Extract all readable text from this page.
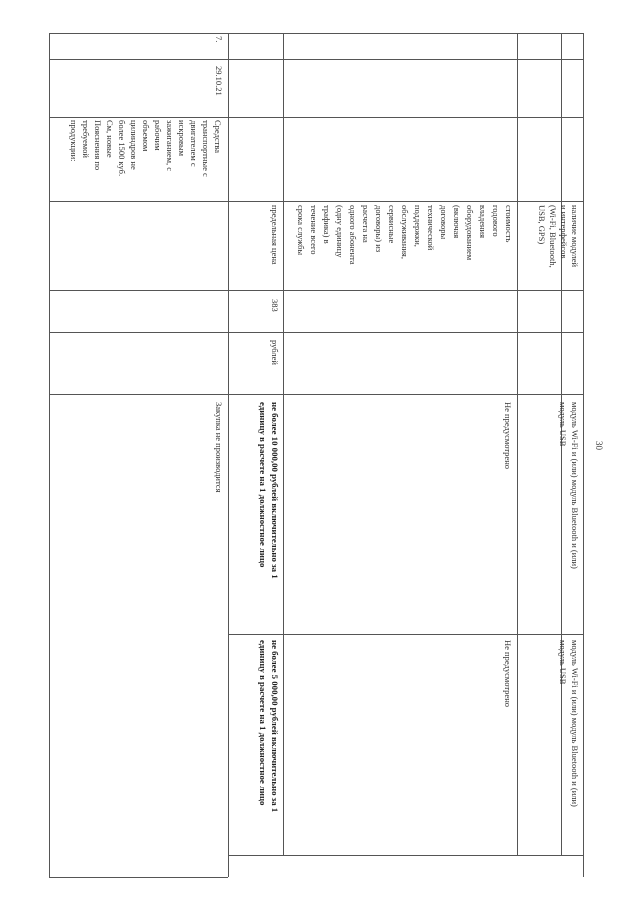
30
7.
29.10.21
Средства
транспортные с
двигателем с
искровым
зажиганием, с
рабочим
объемом
цилиндров не
более 1500 куб.
См, новые
Пояснения по
требуемой
продукции:
наличие модулей
и интерфейсов
(Wi-Fi, Bluetooth,
USB, GPS)
стоимость
годового
владения
оборудованием
(включая
договоры
технической
поддержки,
обслуживания,
сервисные
договоры) из
расчета на
одного абонента
(одну единицу
трафика) в
течение всего
срока службы
предельная цена
383
рублей
модуль Wi-Fi и (или) модуль Bluetooth и (или)
модуль USB
Не предусмотрено
не более 10 000,00 рублей включительно за 1
единицу в расчете на 1 должностное лицо
Закупка не производится
модуль Wi-Fi и (или) модуль Bluetooth и (или)
модуль USB
Не предусмотрено
не более 5 000,00 рублей включительно за 1
единицу в расчете на 1 должностное лицо
